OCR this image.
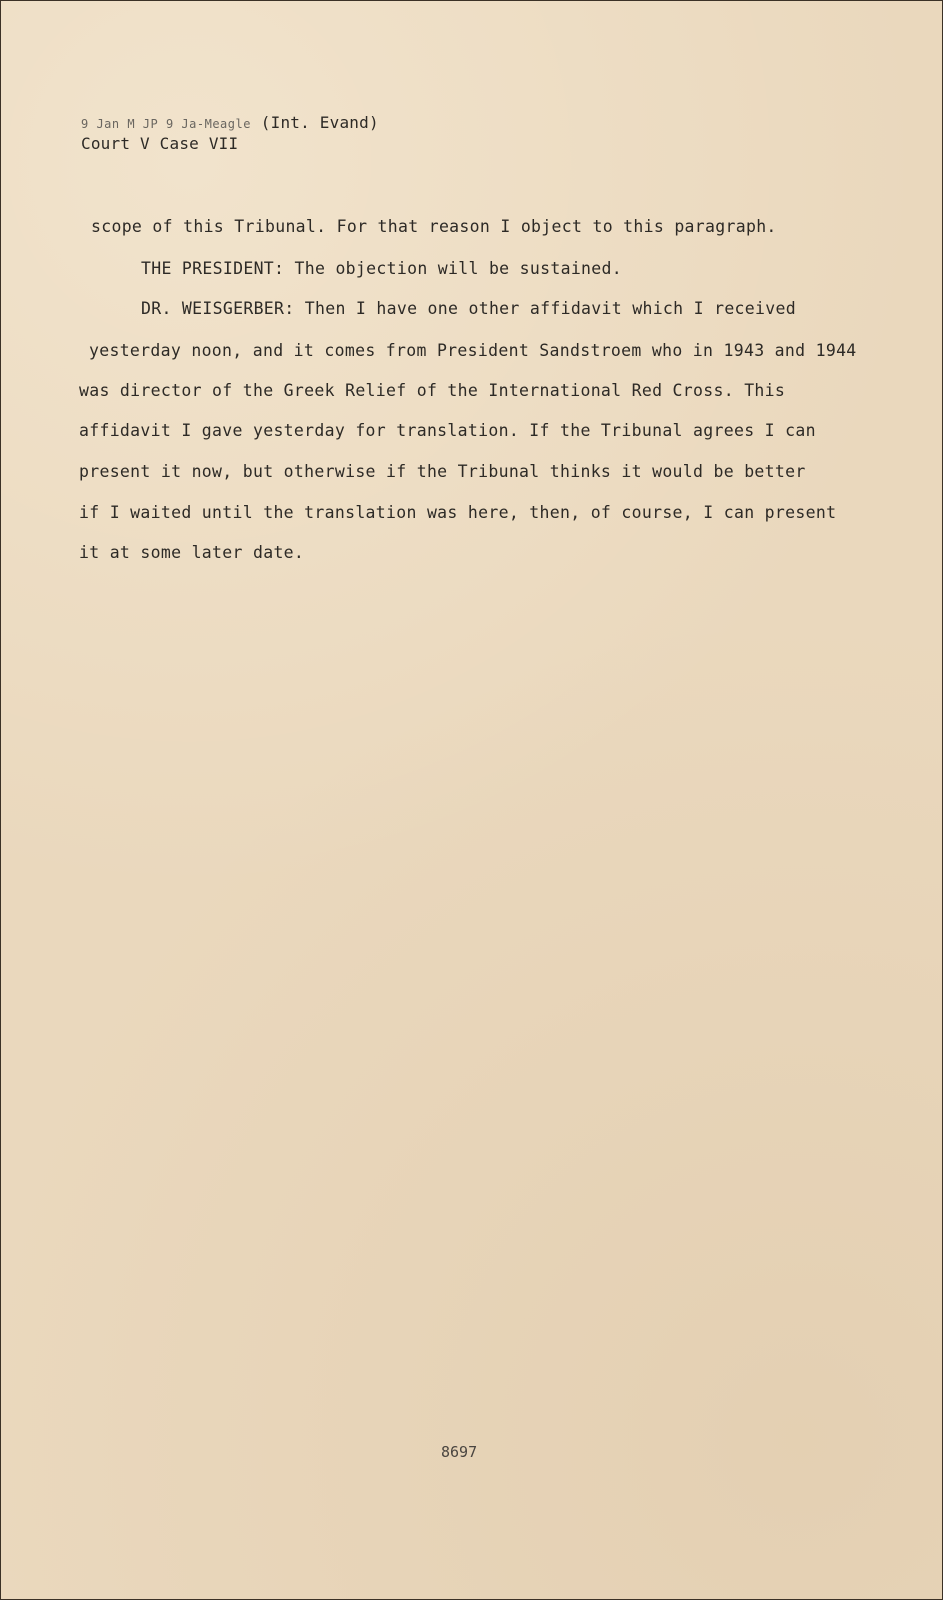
9 Jan M JP 9 Ja-Meagle (Int. Evand)
Court V Case VII
scope of this Tribunal. For that reason I object to this paragraph.
THE PRESIDENT: The objection will be sustained.
DR. WEISGERBER: Then I have one other affidavit which I received
yesterday noon, and it comes from President Sandstroem who in 1943 and 1944
was director of the Greek Relief of the International Red Cross. This
affidavit I gave yesterday for translation. If the Tribunal agrees I can
present it now, but otherwise if the Tribunal thinks it would be better
if I waited until the translation was here, then, of course, I can present
it at some later date.
8697
